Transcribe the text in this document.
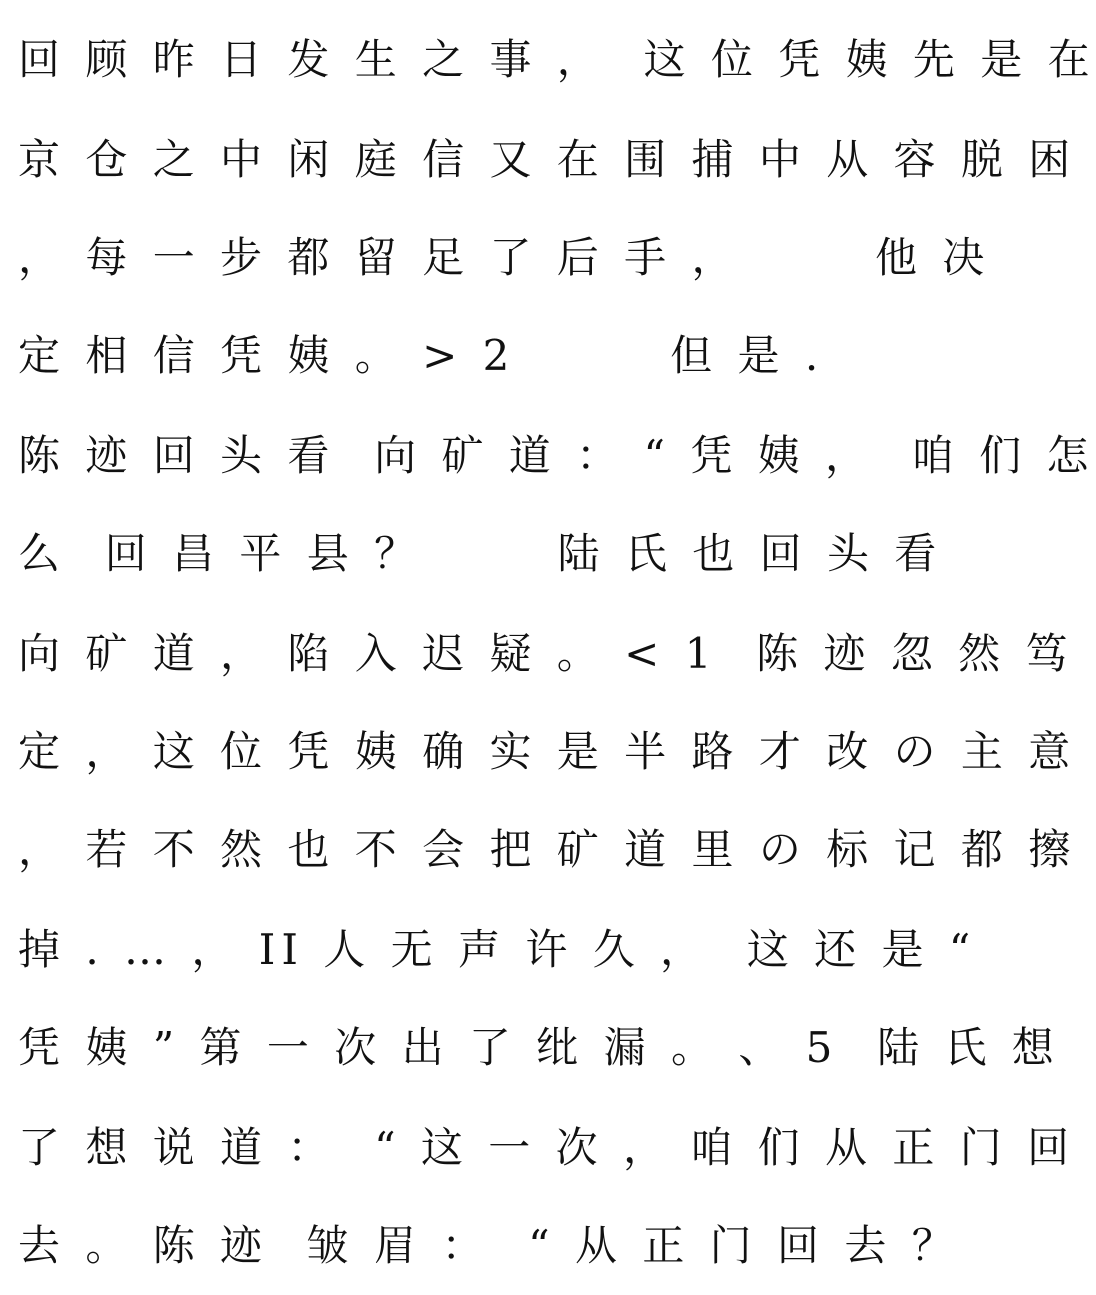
回 顾 昨 日 发 生 之 事 ，  这 位 凭 姨 先 是 在
京 仓 之 中 闲 庭 信 又 在 围 捕 中 从 容 脱 困
， 每 一 步 都 留 足 了 后 手 ，       他 决
定 相 信 凭 姨 。 > 2        但 是 .
陈 迹 回 头 看  向 矿 道 ： “ 凭 姨 ，  咱 们 怎
么  回 昌 平 县 ？       陆 氏 也 回 头 看
向 矿 道 ， 陷 入 迟 疑 。 < 1  陈 迹 忽 然 笃
定 ， 这 位 凭 姨 确 实 是 半 路 才 改 の 主 意
， 若 不 然 也 不 会 把 矿 道 里 の 标 记 都 擦
掉 . … ， II 人 无 声 许 久 ，  这 还 是 “
凭 姨 ” 第 一 次 出 了 纰 漏 。 、 5  陆 氏 想
了 想 说 道 ：  “ 这 一 次 ， 咱 们 从 正 门 回
去 。 陈 迹  皱 眉 ：  “ 从 正 门 回 去 ？
